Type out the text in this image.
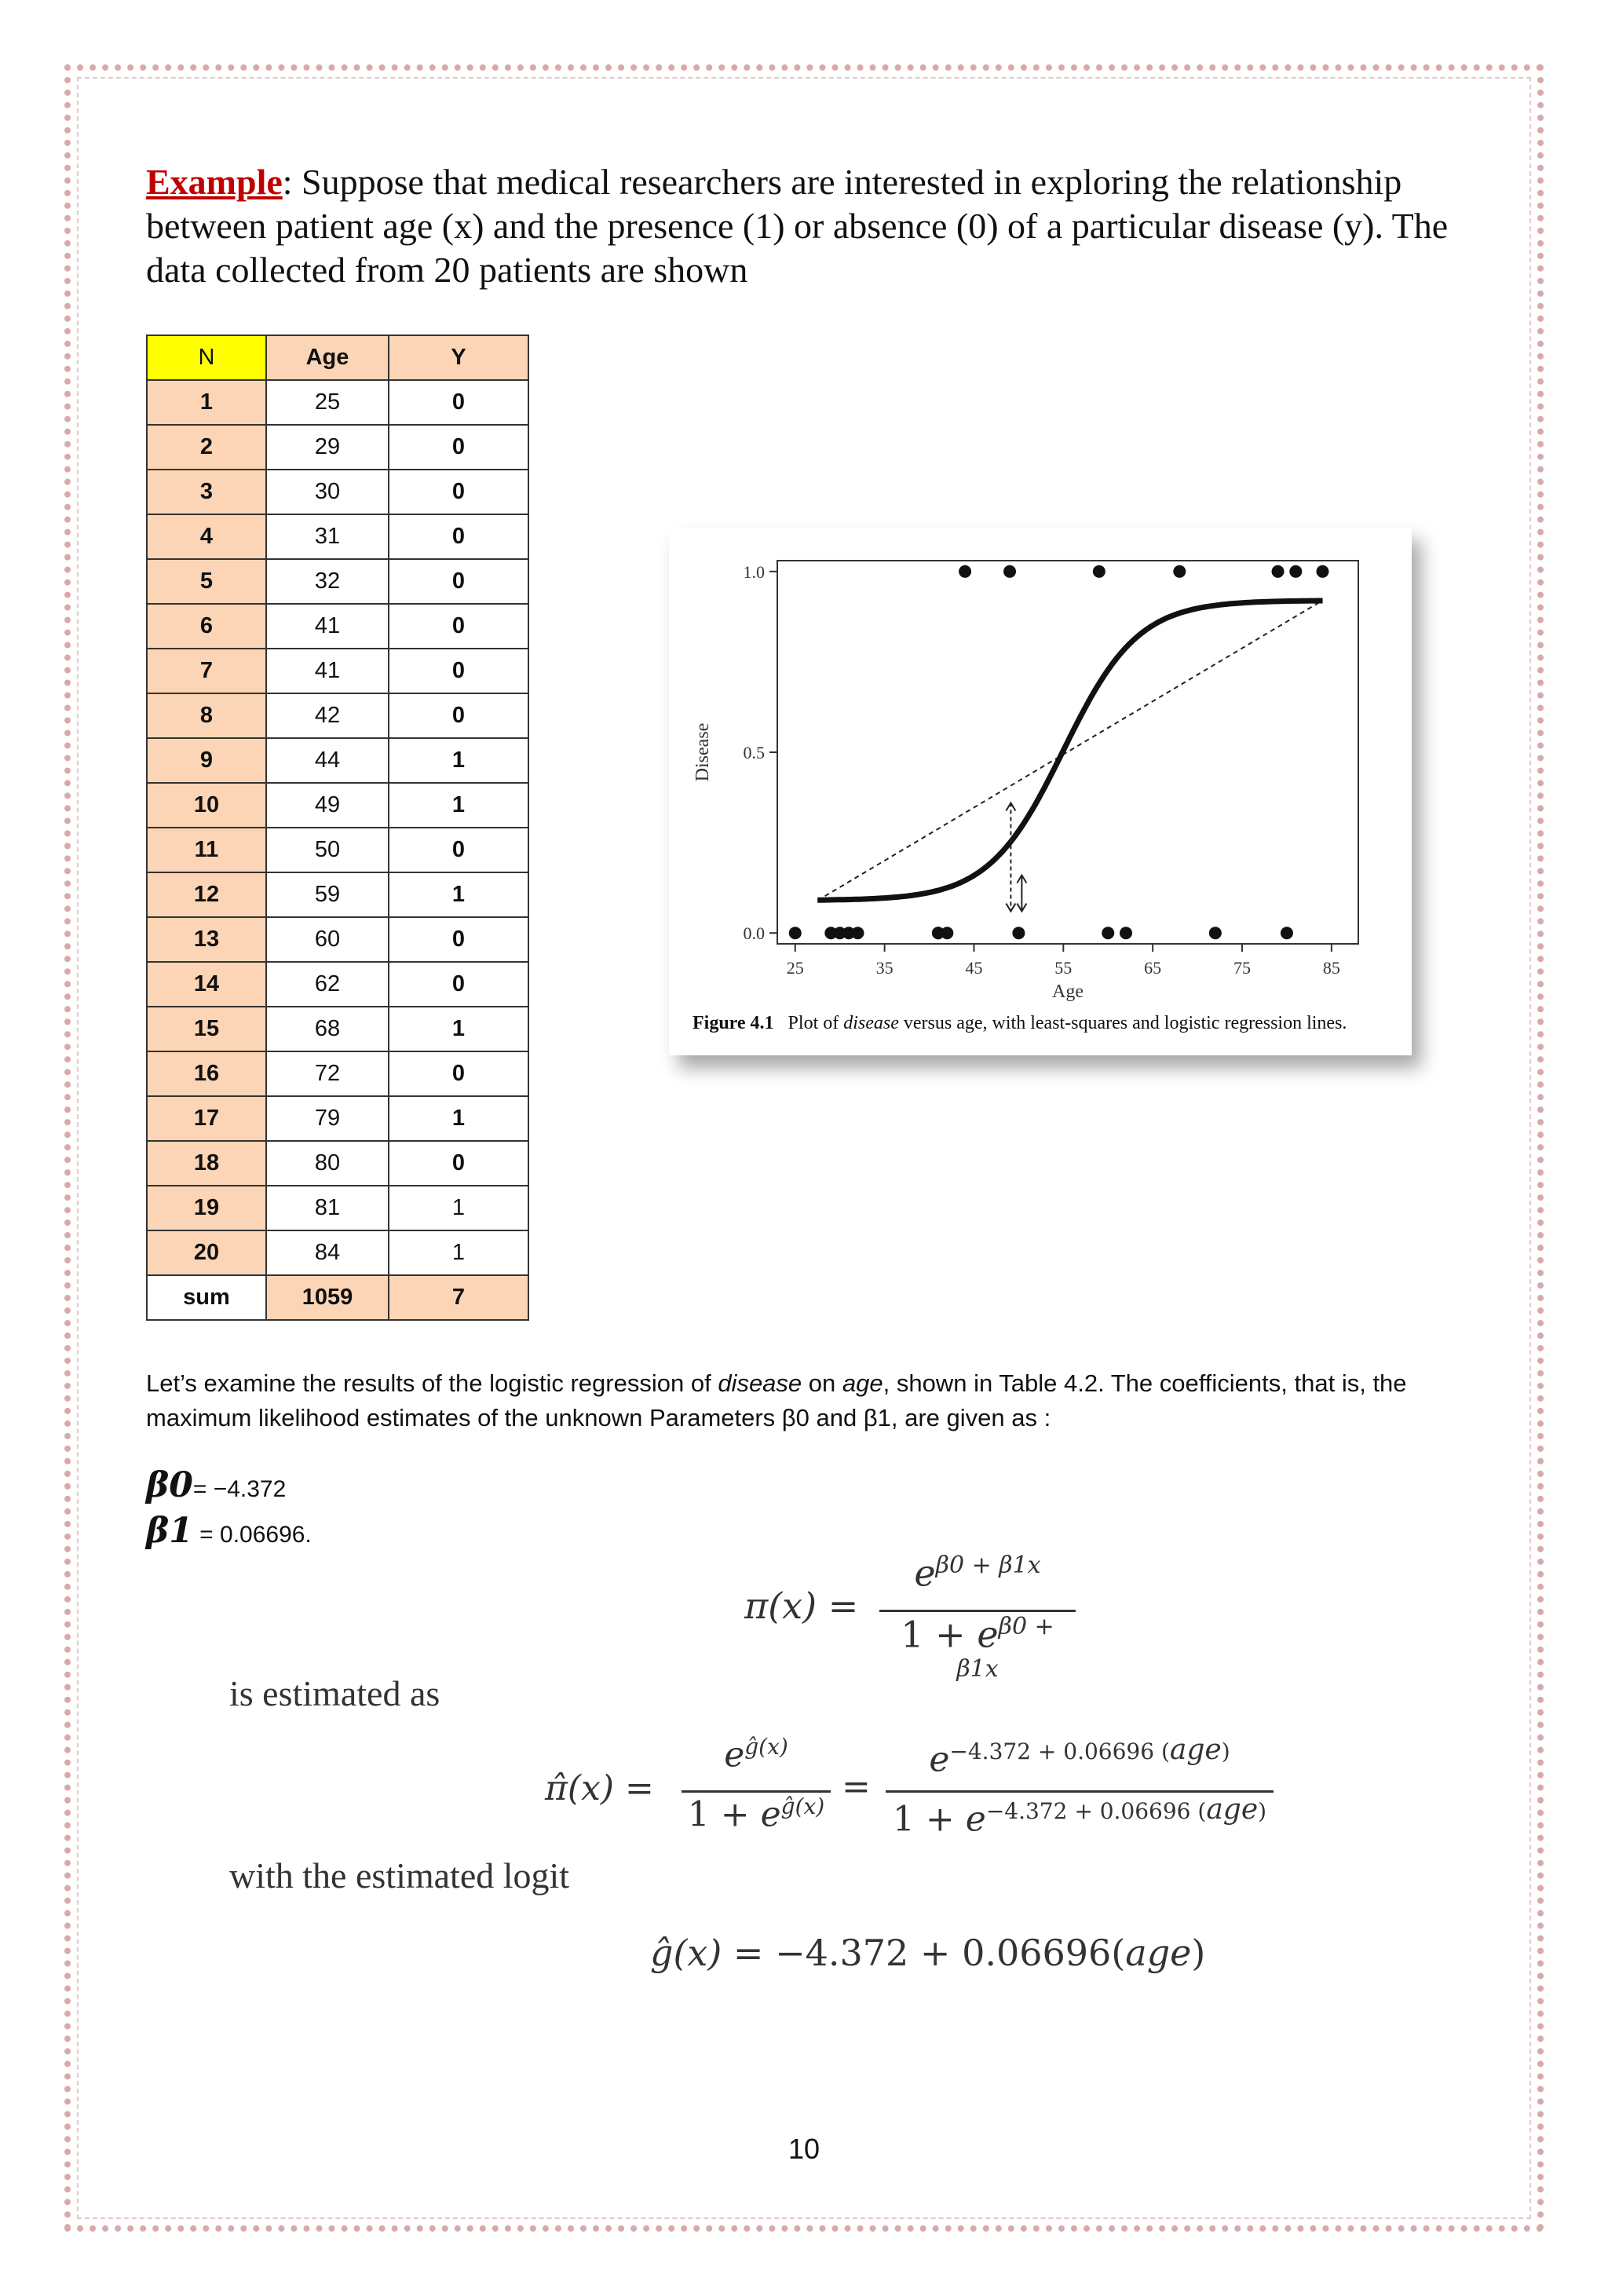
Example: Suppose that medical researchers are interested in exploring the relationship between patient age (x) and the presence (1) or absence (0) of a particular disease (y). The data collected from 20 patients are shown
N	Age	Y
1	25	0
2	29	0
3	30	0
4	31	0
5	32	0
6	41	0
7	41	0
8	42	0
9	44	1
10	49	1
11	50	0
12	59	1
13	60	0
14	62	0
15	68	1
16	72	0
17	79	1
18	80	0
19	81	1
20	84	1
sum	1059	7
0.0
0.5
1.0
25	35	45	55	65	75	85
Age
Disease
Figure 4.1 Plot of disease versus age, with least-squares and logistic regression lines.
Let’s examine the results of the logistic regression of disease on age, shown in Table 4.2. The coefficients, that is, the maximum likelihood estimates of the unknown Parameters β0 and β1, are given as :
β0= −4.372
β1 = 0.06696.
π(x) =
$e^{\beta 0 + \beta 1x}$
$1 + e^{\beta 0 + \beta 1x}$
is estimated as
π̂(x) =
$e^{ĝ(x)}$
$1 + e^{ĝ(x)}$ =
$e^{-4.372 + 0.06696 (age)}$
$1 + e^{-4.372 + 0.06696 (age)}$
with the estimated logit
ĝ(x) = −4.372 + 0.06696(age)
10
